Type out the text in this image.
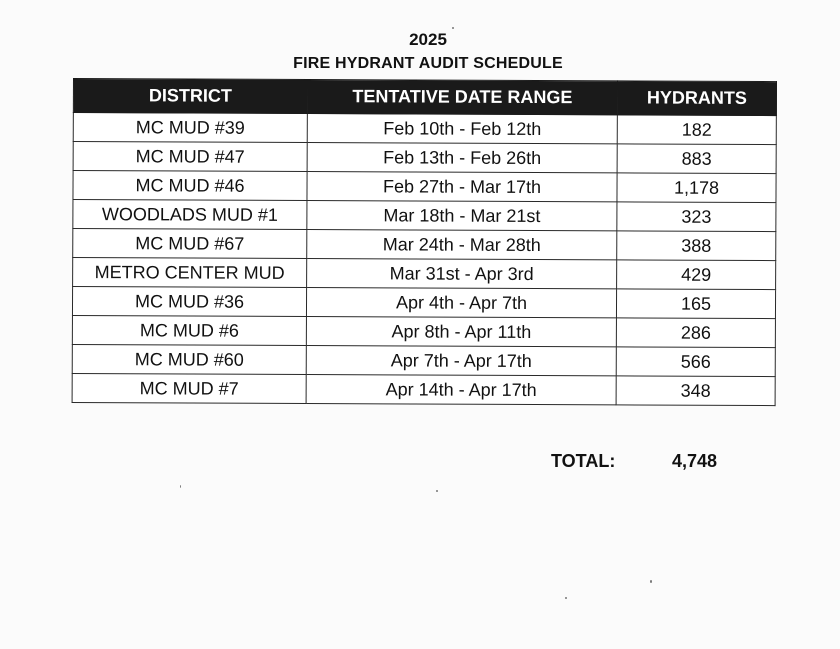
2025
FIRE HYDRANT AUDIT SCHEDULE
DISTRICT	TENTATIVE DATE RANGE	HYDRANTS
MC MUD #39	Feb 10th - Feb 12th	182
MC MUD #47	Feb 13th - Feb 26th	883
MC MUD #46	Feb 27th - Mar 17th	1,178
WOODLADS MUD #1	Mar 18th - Mar 21st	323
MC MUD #67	Mar 24th - Mar 28th	388
METRO CENTER MUD	Mar 31st - Apr 3rd	429
MC MUD #36	Apr 4th - Apr 7th	165
MC MUD #6	Apr 8th - Apr 11th	286
MC MUD #60	Apr 7th - Apr 17th	566
MC MUD #7	Apr 14th - Apr 17th	348
TOTAL:	4,748
